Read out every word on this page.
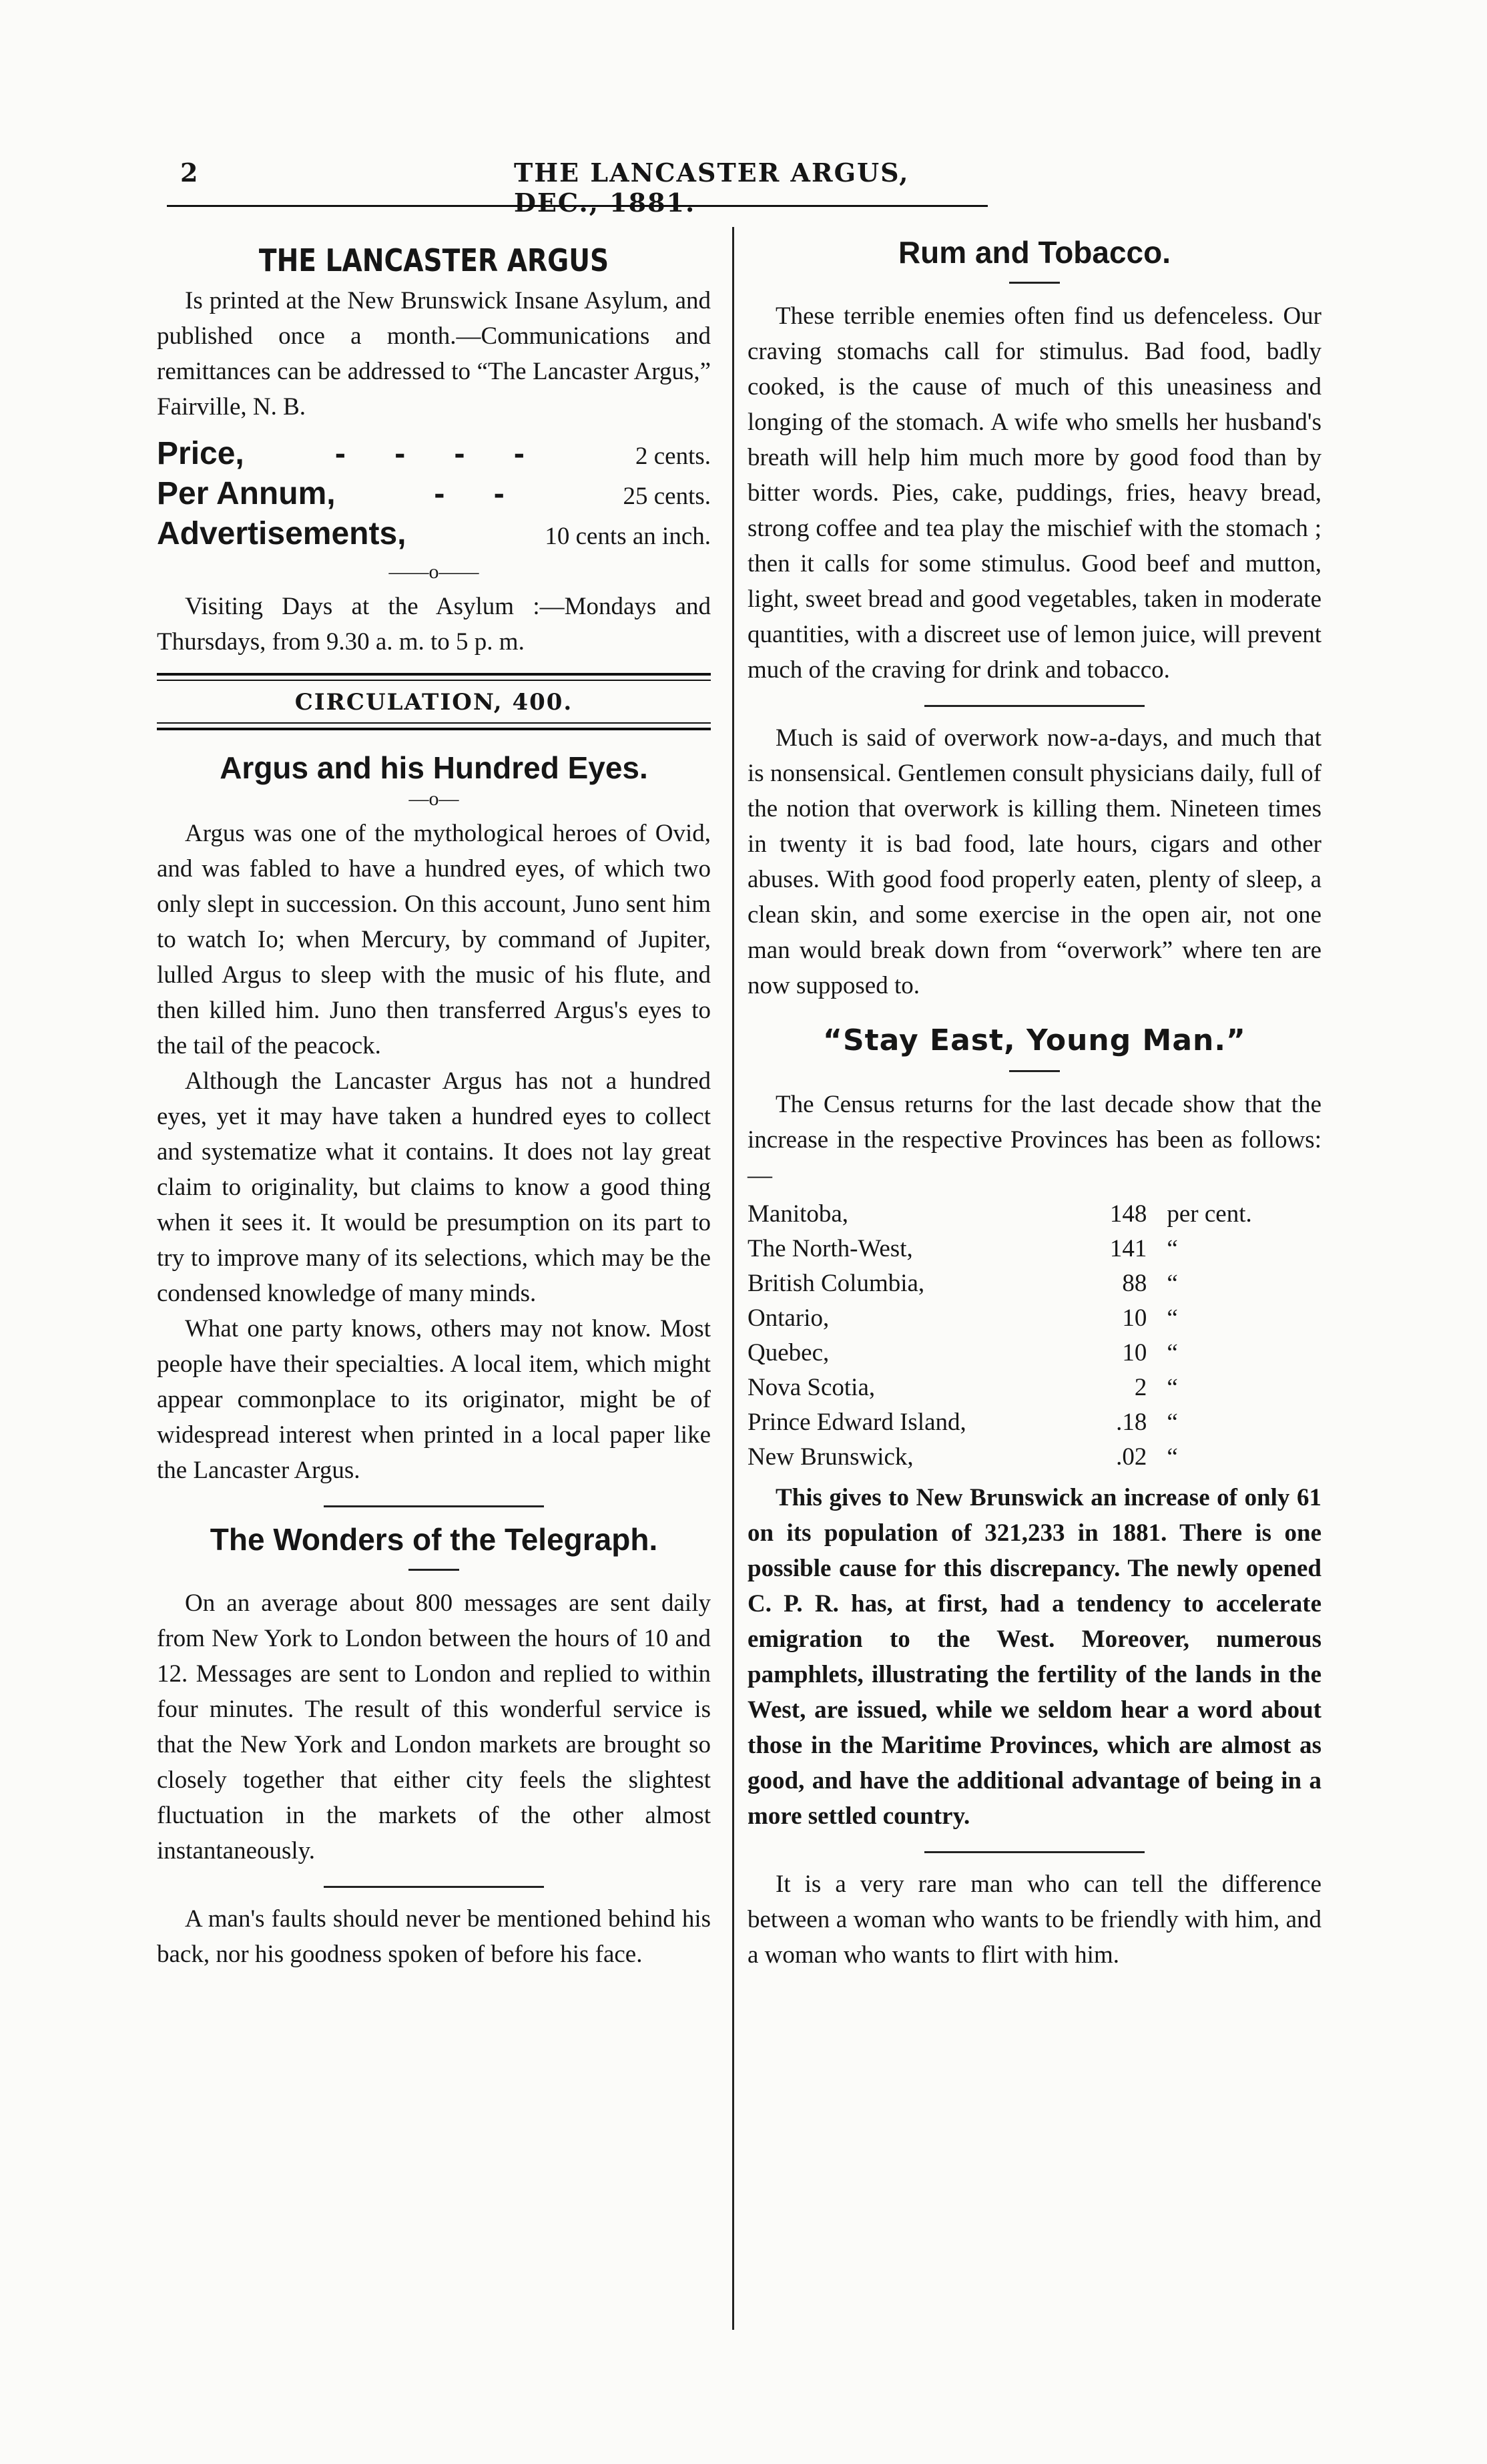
2	THE LANCASTER ARGUS, DEC., 1881.
THE LANCASTER ARGUS

Is printed at the New Brunswick Insane Asylum, and published once a month.—Communications and remittances can be addressed to “The Lancaster Argus,” Fairville, N. B.

Price,	- - - -	2 cents.
Per Annum,	- -	25 cents.
Advertisements,	10 cents an inch.
——o——

Visiting Days at the Asylum :—Mondays and Thursdays, from 9.30 a. m. to 5 p. m.

CIRCULATION, 400.
Argus and his Hundred Eyes.
—o—

Argus was one of the mythological heroes of Ovid, and was fabled to have a hundred eyes, of which two only slept in succession. On this account, Juno sent him to watch Io; when Mercury, by command of Jupiter, lulled Argus to sleep with the music of his flute, and then killed him. Juno then transferred Argus's eyes to the tail of the peacock.

Although the Lancaster Argus has not a hundred eyes, yet it may have taken a hundred eyes to collect and systematize what it contains. It does not lay great claim to originality, but claims to know a good thing when it sees it. It would be presumption on its part to try to improve many of its selections, which may be the condensed knowledge of many minds.

What one party knows, others may not know. Most people have their specialties. A local item, which might appear commonplace to its originator, might be of widespread interest when printed in a local paper like the Lancaster Argus.

The Wonders of the Telegraph.

On an average about 800 messages are sent daily from New York to London between the hours of 10 and 12. Messages are sent to London and replied to within four minutes. The result of this wonderful service is that the New York and London markets are brought so closely together that either city feels the slightest fluctuation in the markets of the other almost instantaneously.

A man's faults should never be mentioned behind his back, nor his goodness spoken of before his face.

Rum and Tobacco.

These terrible enemies often find us defenceless. Our craving stomachs call for stimulus. Bad food, badly cooked, is the cause of much of this uneasiness and longing of the stomach. A wife who smells her husband's breath will help him much more by good food than by bitter words. Pies, cake, puddings, fries, heavy bread, strong coffee and tea play the mischief with the stomach ; then it calls for some stimulus. Good beef and mutton, light, sweet bread and good vegetables, taken in moderate quantities, with a discreet use of lemon juice, will prevent much of the craving for drink and tobacco.

Much is said of overwork now-a-days, and much that is nonsensical. Gentlemen consult physicians daily, full of the notion that overwork is killing them. Nineteen times in twenty it is bad food, late hours, cigars and other abuses. With good food properly eaten, plenty of sleep, a clean skin, and some exercise in the open air, not one man would break down from “overwork” where ten are now supposed to.

“Stay East, Young Man.”

The Census returns for the last decade show that the increase in the respective Provinces has been as follows:—

Manitoba,	148 per cent.
The North-West,	141 “
British Columbia,	88 “
Ontario,	10 “
Quebec,	10 “
Nova Scotia,	2 “
Prince Edward Island,	.18 “
New Brunswick,	.02 “

This gives to New Brunswick an increase of only 61 on its population of 321,233 in 1881. There is one possible cause for this discrepancy. The newly opened C. P. R. has, at first, had a tendency to accelerate emigration to the West. Moreover, numerous pamphlets, illustrating the fertility of the lands in the West, are issued, while we seldom hear a word about those in the Maritime Provinces, which are almost as good, and have the additional advantage of being in a more settled country.

It is a very rare man who can tell the difference between a woman who wants to be friendly with him, and a woman who wants to flirt with him.
